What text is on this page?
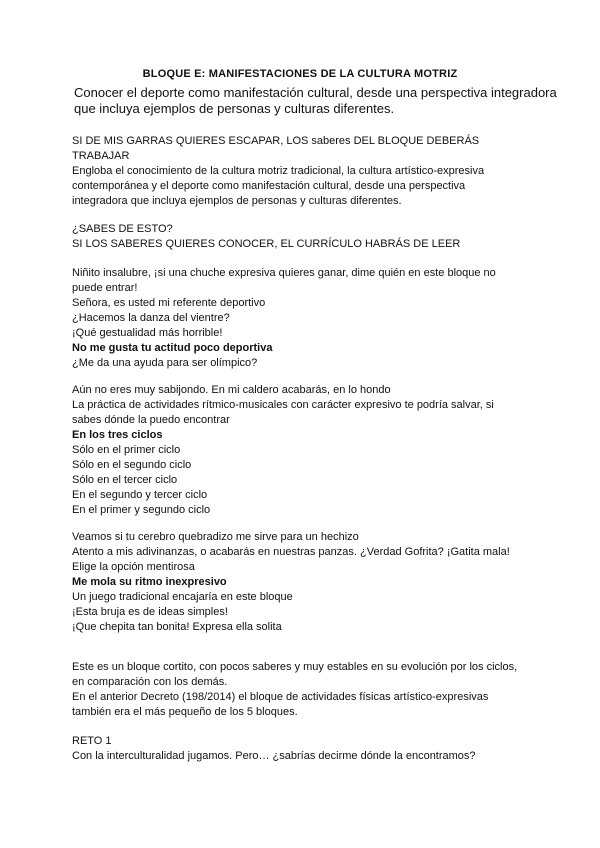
BLOQUE E: MANIFESTACIONES DE LA CULTURA MOTRIZ
Conocer el deporte como manifestación cultural, desde una perspectiva integradora
que incluya ejemplos de personas y culturas diferentes.
SI DE MIS GARRAS QUIERES ESCAPAR, LOS saberes DEL BLOQUE DEBERÁS
TRABAJAR
Engloba el conocimiento de la cultura motriz tradicional, la cultura artístico-expresiva
contemporánea y el deporte como manifestación cultural, desde una perspectiva
integradora que incluya ejemplos de personas y culturas diferentes.
¿SABES DE ESTO?
SI LOS SABERES QUIERES CONOCER, EL CURRÍCULO HABRÁS DE LEER
Niñito insalubre, ¡si una chuche expresiva quieres ganar, dime quién en este bloque no
puede entrar!
Señora, es usted mi referente deportivo
¿Hacemos la danza del vientre?
¡Qué gestualidad más horrible!
No me gusta tu actitud poco deportiva
¿Me da una ayuda para ser olímpico?
Aún no eres muy sabijondo. En mi caldero acabarás, en lo hondo
La práctica de actividades rítmico-musicales con carácter expresivo te podría salvar, si
sabes dónde la puedo encontrar
En los tres ciclos
Sólo en el primer ciclo
Sólo en el segundo ciclo
Sólo en el tercer ciclo
En el segundo y tercer ciclo
En el primer y segundo ciclo
Veamos si tu cerebro quebradizo me sirve para un hechizo
Atento a mis adivinanzas, o acabarás en nuestras panzas. ¿Verdad Gofrita? ¡Gatita mala!
Elige la opción mentirosa
Me mola su ritmo inexpresivo
Un juego tradicional encajaría en este bloque
¡Esta bruja es de ideas simples!
¡Que chepita tan bonita! Expresa ella solita
Este es un bloque cortito, con pocos saberes y muy estables en su evolución por los ciclos,
en comparación con los demás.
En el anterior Decreto (198/2014) el bloque de actividades físicas artístico-expresivas
también era el más pequeño de los 5 bloques.
RETO 1
Con la interculturalidad jugamos. Pero… ¿sabrías decirme dónde la encontramos?
